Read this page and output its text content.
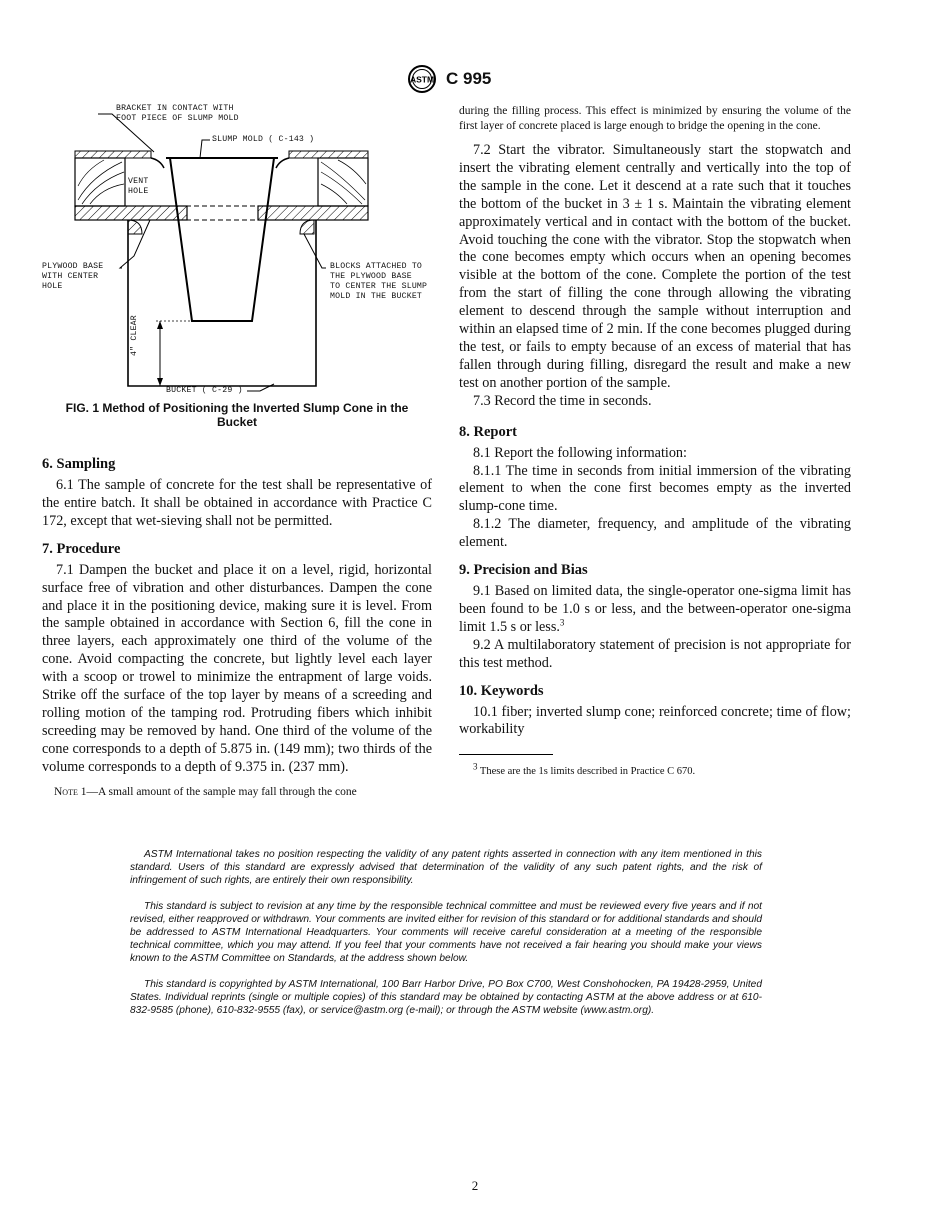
ASTM C 995
BRACKET IN CONTACT WITH
FOOT PIECE OF SLUMP MOLD
SLUMP MOLD ( C-143 )
VENT
HOLE
PLYWOOD BASE
WITH CENTER
HOLE
BLOCKS ATTACHED TO
THE PLYWOOD BASE
TO CENTER THE SLUMP
MOLD IN THE BUCKET
4" CLEAR
BUCKET ( C-29 )
FIG. 1 Method of Positioning the Inverted Slump Cone in the Bucket
6. Sampling

6.1 The sample of concrete for the test shall be representative of the entire batch. It shall be obtained in accordance with Practice C 172, except that wet-sieving shall not be permitted.

7. Procedure

7.1 Dampen the bucket and place it on a level, rigid, horizontal surface free of vibration and other disturbances. Dampen the cone and place it in the positioning device, making sure it is level. From the sample obtained in accordance with Section 6, fill the cone in three layers, each approximately one third of the volume of the cone. Avoid compacting the concrete, but lightly level each layer with a scoop or trowel to minimize the entrapment of large voids. Strike off the surface of the top layer by means of a screeding and rolling motion of the tamping rod. Protruding fibers which inhibit screeding may be removed by hand. One third of the volume of the cone corresponds to a depth of 5.875 in. (149 mm); two thirds of the volume corresponds to a depth of 9.375 in. (237 mm).

Note 1—A small amount of the sample may fall through the cone

during the filling process. This effect is minimized by ensuring the volume of the first layer of concrete placed is large enough to bridge the opening in the cone.

7.2 Start the vibrator. Simultaneously start the stopwatch and insert the vibrating element centrally and vertically into the top of the sample in the cone. Let it descend at a rate such that it touches the bottom of the bucket in 3 ± 1 s. Maintain the vibrating element approximately vertical and in contact with the bottom of the bucket. Avoid touching the cone with the vibrator. Stop the stopwatch when the cone becomes empty which occurs when an opening becomes visible at the bottom of the cone. Complete the portion of the test from the start of filling the cone through allowing the vibrating element to descend through the sample without interruption and within an elapsed time of 2 min. If the cone becomes plugged during the test, or fails to empty because of an excess of material that has fallen through during filling, disregard the result and make a new test on another portion of the sample.

7.3 Record the time in seconds.

8. Report

8.1 Report the following information:

8.1.1 The time in seconds from initial immersion of the vibrating element to when the cone first becomes empty as the inverted slump-cone time.

8.1.2 The diameter, frequency, and amplitude of the vibrating element.

9. Precision and Bias

9.1 Based on limited data, the single-operator one-sigma limit has been found to be 1.0 s or less, and the between-operator one-sigma limit 1.5 s or less.$^3$

9.2 A multilaboratory statement of precision is not appropriate for this test method.

10. Keywords

10.1 fiber; inverted slump cone; reinforced concrete; time of flow; workability

$^3$ These are the 1s limits described in Practice C 670.

ASTM International takes no position respecting the validity of any patent rights asserted in connection with any item mentioned in this standard. Users of this standard are expressly advised that determination of the validity of any such patent rights, and the risk of infringement of such rights, are entirely their own responsibility.

This standard is subject to revision at any time by the responsible technical committee and must be reviewed every five years and if not revised, either reapproved or withdrawn. Your comments are invited either for revision of this standard or for additional standards and should be addressed to ASTM International Headquarters. Your comments will receive careful consideration at a meeting of the responsible technical committee, which you may attend. If you feel that your comments have not received a fair hearing you should make your views known to the ASTM Committee on Standards, at the address shown below.

This standard is copyrighted by ASTM International, 100 Barr Harbor Drive, PO Box C700, West Conshohocken, PA 19428-2959, United States. Individual reprints (single or multiple copies) of this standard may be obtained by contacting ASTM at the above address or at 610-832-9585 (phone), 610-832-9555 (fax), or service@astm.org (e-mail); or through the ASTM website (www.astm.org).

2
